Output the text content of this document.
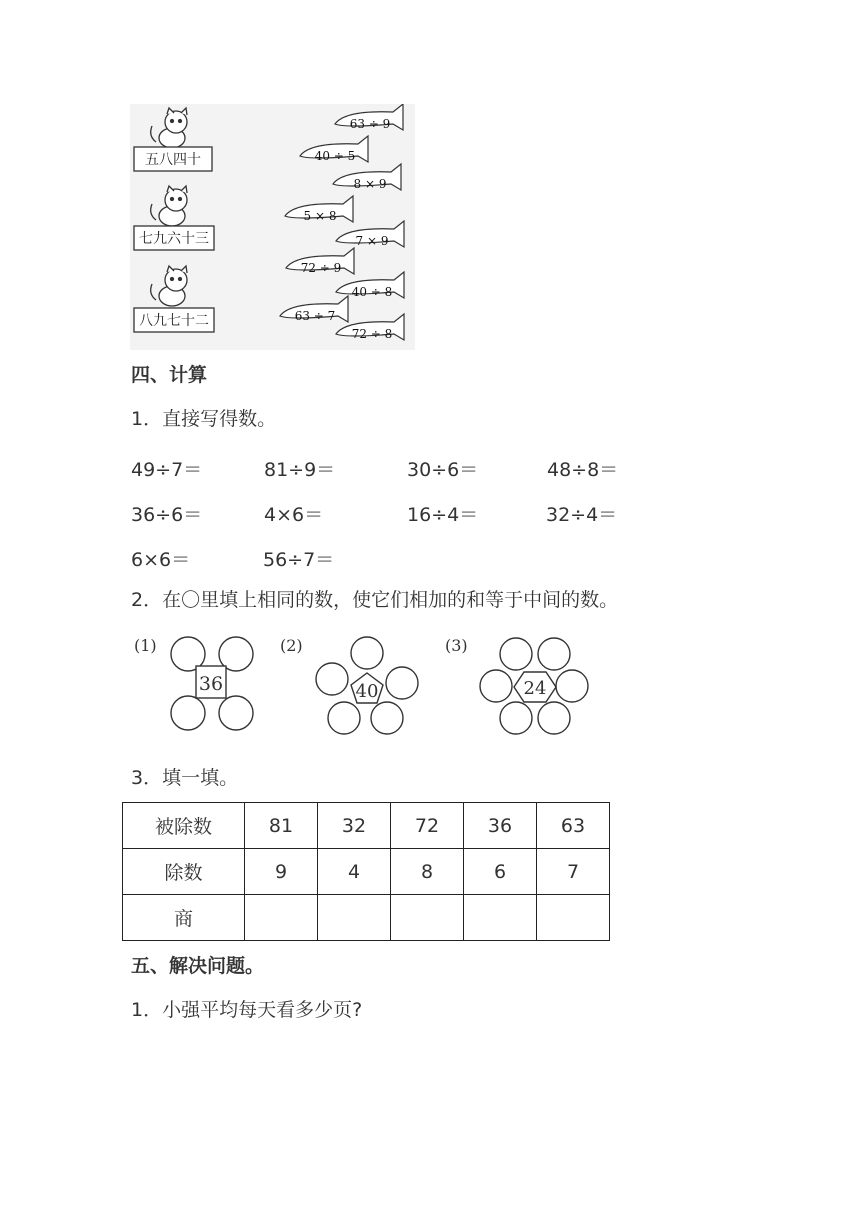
五八四十
七九六十三
八九七十二
63 ÷ 9
40 ÷ 5
8 × 9
5 × 8
7 × 9
72 ÷ 9
40 ÷ 8
63 ÷ 7
72 ÷ 8
四、计算
1．直接写得数。
49÷7＝	81÷9＝	30÷6＝	48÷8＝
36÷6＝	4×6＝	16÷4＝	32÷4＝
6×6＝	56÷7＝
2．在〇里填上相同的数，使它们相加的和等于中间的数。
(1)	(2)	(3)
36	40	24
3．填一填。
被除数	81	32	72	36	63
除数	9	4	8	6	7
商					
五、解决问题。
1．小强平均每天看多少页?
